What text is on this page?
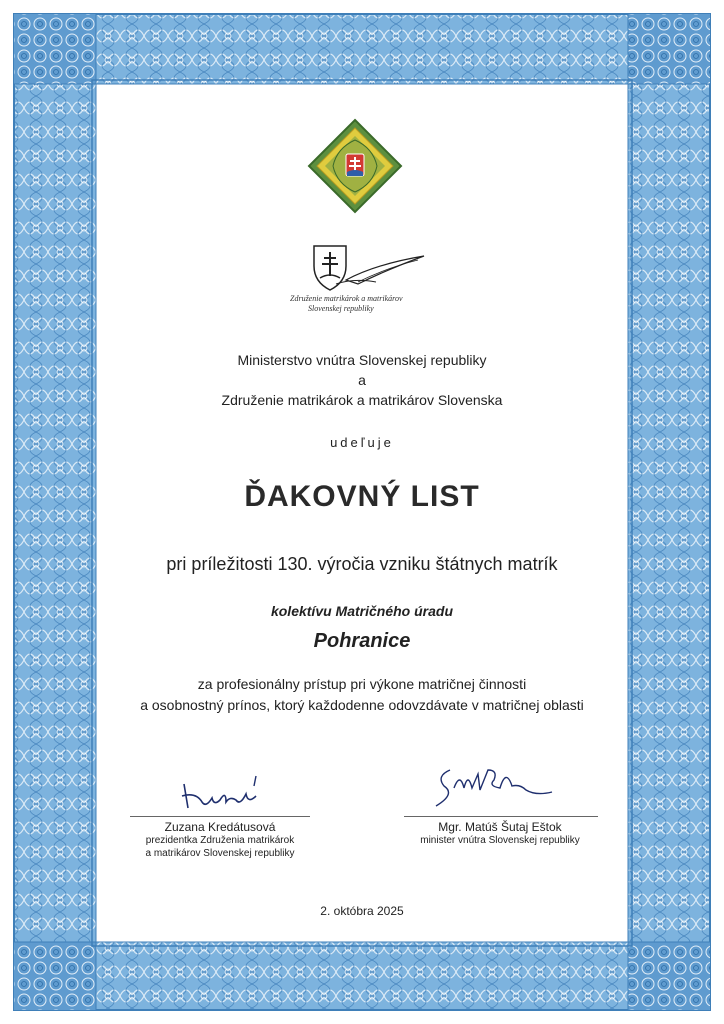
Združenie matrikárok a matrikárov
Slovenskej republiky
Ministerstvo vnútra Slovenskej republiky
a
Združenie matrikárok a matrikárov Slovenska
udeľuje
ĎAKOVNÝ LIST
pri príležitosti 130. výročia vzniku štátnych matrík
kolektívu Matričného úradu
Pohranice
za profesionálny prístup pri výkone matričnej činnosti
a osobnostný prínos, ktorý každodenne odovzdávate v matričnej oblasti
Zuzana Kredátusová
prezidentka Združenia matrikárok
a matrikárov Slovenskej republiky
Mgr. Matúš Šutaj Eštok
minister vnútra Slovenskej republiky
2. októbra 2025
